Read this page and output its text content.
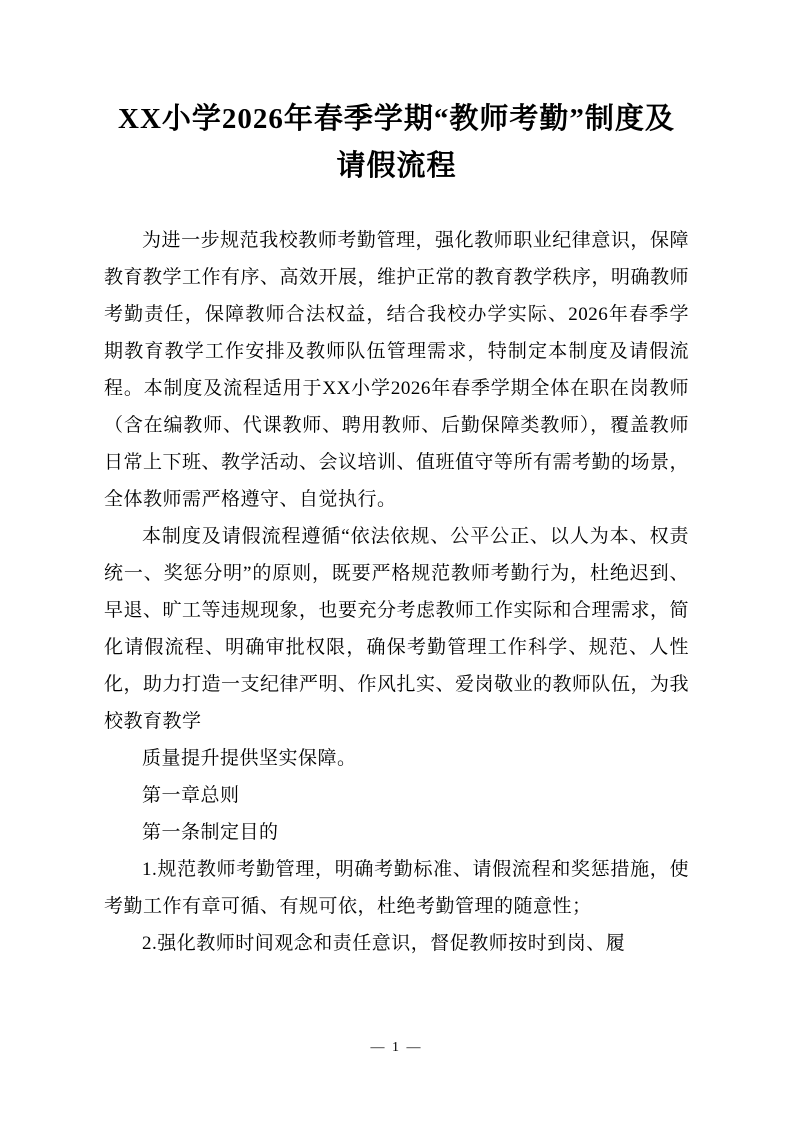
XX小学2026年春季学期“教师考勤”制度及请假流程

为进一步规范我校教师考勤管理，强化教师职业纪律意识，保障教育教学工作有序、高效开展，维护正常的教育教学秩序，明确教师考勤责任，保障教师合法权益，结合我校办学实际、2026年春季学期教育教学工作安排及教师队伍管理需求，特制定本制度及请假流程。本制度及流程适用于XX小学2026年春季学期全体在职在岗教师（含在编教师、代课教师、聘用教师、后勤保障类教师），覆盖教师日常上下班、教学活动、会议培训、值班值守等所有需考勤的场景，全体教师需严格遵守、自觉执行。

本制度及请假流程遵循“依法依规、公平公正、以人为本、权责统一、奖惩分明”的原则，既要严格规范教师考勤行为，杜绝迟到、早退、旷工等违规现象，也要充分考虑教师工作实际和合理需求，简化请假流程、明确审批权限，确保考勤管理工作科学、规范、人性化，助力打造一支纪律严明、作风扎实、爱岗敬业的教师队伍，为我校教育教学

质量提升提供坚实保障。

第一章总则

第一条制定目的

1.规范教师考勤管理，明确考勤标准、请假流程和奖惩措施，使考勤工作有章可循、有规可依，杜绝考勤管理的随意性；

2.强化教师时间观念和责任意识，督促教师按时到岗、履

— 1 —
